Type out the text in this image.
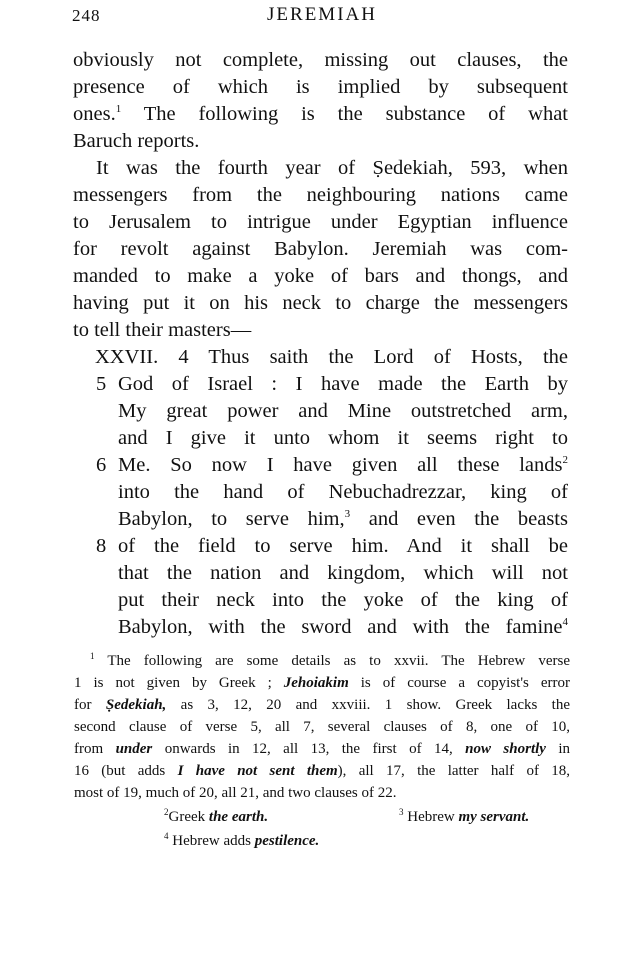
248	JEREMIAH
obviously not complete, missing out clauses, the
presence of which is implied by subsequent
ones.$^1$ The following is the substance of what
Baruch reports.
It was the fourth year of Ṣedekiah, 593, when
messengers from the neighbouring nations came
to Jerusalem to intrigue under Egyptian influence
for revolt against Babylon. Jeremiah was com-
manded to make a yoke of bars and thongs, and
having put it on his neck to charge the messengers
to tell their masters—
XXVII. 4 Thus saith the Lord of Hosts, the
5 God of Israel : I have made the Earth by
My great power and Mine outstretched arm,
and I give it unto whom it seems right to
6 Me. So now I have given all these lands$^2$
into the hand of Nebuchadrezzar, king of
Babylon, to serve him,$^3$ and even the beasts
8 of the field to serve him. And it shall be
that the nation and kingdom, which will not
put their neck into the yoke of the king of
Babylon, with the sword and with the famine$^4$
$^1$ The following are some details as to xxvii. The Hebrew verse
1 is not given by Greek ; Jehoiakim is of course a copyist's error
for Ṣedekiah, as 3, 12, 20 and xxviii. 1 show. Greek lacks the
second clause of verse 5, all 7, several clauses of 8, one of 10,
from under onwards in 12, all 13, the first of 14, now shortly in
16 (but adds I have not sent them), all 17, the latter half of 18,
most of 19, much of 20, all 21, and two clauses of 22.
$^2$Greek the earth.	$^3$ Hebrew my servant.
$^4$ Hebrew adds pestilence.
